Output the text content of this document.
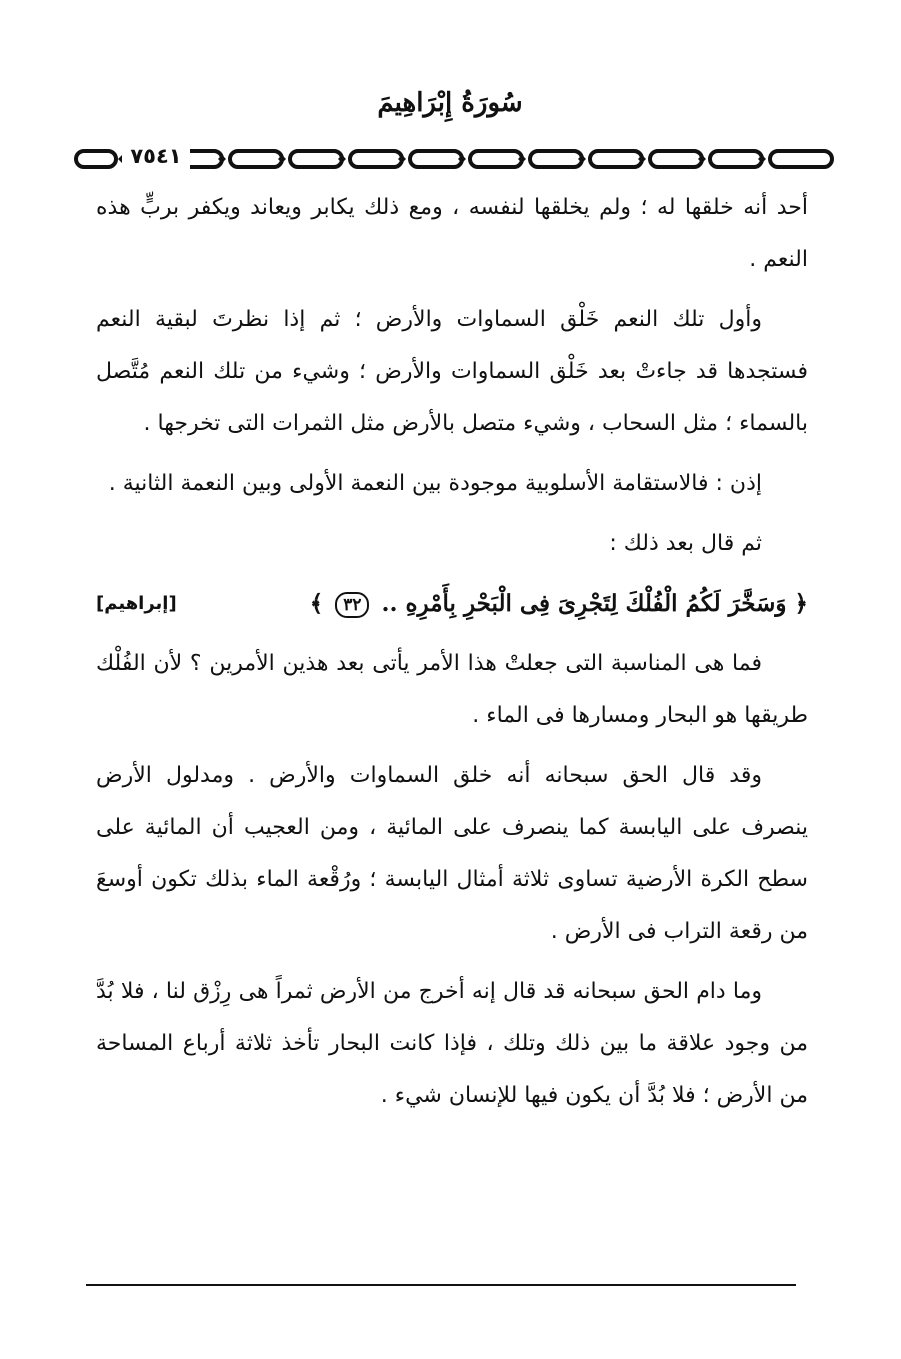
سُورَةُ إِبْرَاهِيمَ
٧٥٤١

أحد أنه خلقها له ؛ ولم يخلقها لنفسه ، ومع ذلك يكابر ويعاند ويكفر بربٍّ هذه النعم .

وأول تلك النعم خَلْق السماوات والأرض ؛ ثم إذا نظرتَ لبقية النعم فستجدها قد جاءتْ بعد خَلْق السماوات والأرض ؛ وشيء من تلك النعم مُتَّصل بالسماء ؛ مثل السحاب ، وشيء متصل بالأرض مثل الثمرات التى تخرجها .

إذن : فالاستقامة الأسلوبية موجودة بين النعمة الأولى وبين النعمة الثانية .

ثم قال بعد ذلك :

﴿ وَسَخَّرَ لَكُمُ الْفُلْكَ لِتَجْرِىَ فِى الْبَحْرِ بِأَمْرِهِ .. ٣٢ ﴾
[إبراهيم]

فما هى المناسبة التى جعلتْ هذا الأمر يأتى بعد هذين الأمرين ؟ لأن الفُلْك طريقها هو البحار ومسارها فى الماء .

وقد قال الحق سبحانه أنه خلق السماوات والأرض . ومدلول الأرض ينصرف على اليابسة كما ينصرف على المائية ، ومن العجيب أن المائية على سطح الكرة الأرضية تساوى ثلاثة أمثال اليابسة ؛ ورُقْعة الماء بذلك تكون أوسعَ من رقعة التراب فى الأرض .

وما دام الحق سبحانه قد قال إنه أخرج من الأرض ثمراً هى رِزْق لنا ، فلا بُدَّ من وجود علاقة ما بين ذلك وتلك ، فإذا كانت البحار تأخذ ثلاثة أرباع المساحة من الأرض ؛ فلا بُدَّ أن يكون فيها للإنسان شيء .
